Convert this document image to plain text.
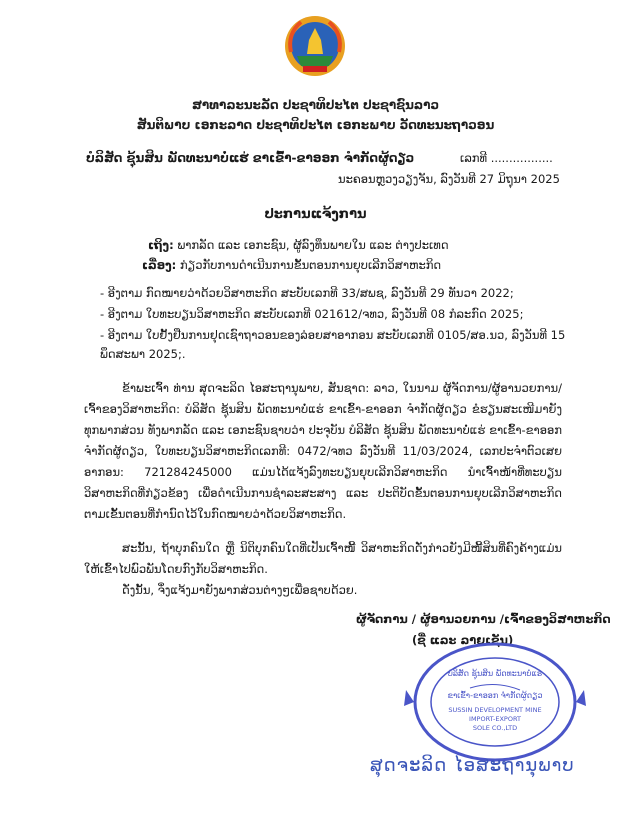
ສາທາລະນະລັດ ປະຊາທິປະໄຕ ປະຊາຊົນລາວ
ສັນຕິພາບ ເອກະລາດ ປະຊາທິປະໄຕ ເອກະພາບ ວັດທະນະຖາວອນ
ບໍລິສັດ ຊຸ້ນສິນ ພັດທະນາບໍ່ແຮ່ ຂາເຂົ້າ-ຂາອອກ ຈໍາກັດຜູ້ດຽວ	ເລກທີ .................
ນະຄອນຫຼວງວຽງຈັນ, ລົງວັນທີ 27 ມິຖຸນາ 2025
ປະການແຈ້ງການ
ເຖິງ: ພາກລັດ ແລະ ເອກະຊົນ, ຜູ້ລົງທຶນພາຍໃນ ແລະ ຕ່າງປະເທດ
ເລື່ອງ: ກ່ຽວກັບການດໍາເນີນການຂັ້ນຕອນການຍຸບເລີກວິສາຫະກິດ
- ອີງຕາມ ກົດໝາຍວ່າດ້ວຍວິສາຫະກິດ ສະບັບເລກທີ 33/ສພຊ, ລົງວັນທີ 29 ທັນວາ 2022;
- ອີງຕາມ ໃບທະບຽນວິສາຫະກິດ ສະບັບເລກທີ 021612/ຈທວ, ລົງວັນທີ 08 ກໍລະກົດ 2025;
- ອີງຕາມ ໃບຢັ້ງຢືນການຢຸດເຊົາຖາວອນຂອງລ່ອຍສາອາກອນ ສະບັບເລກທີ 0105/ສອ.ນວ, ລົງວັນທີ 15 ພຶດສະພາ 2025;.
ຂ້າພະເຈົ້າ ທ່ານ ສຸດຈະລິດ ໄອສະຖານຸພາບ, ສັນຊາດ: ລາວ, ໃນນາມ ຜູ້ຈັດການ/ຜູ້ອານວຍການ/ເຈົ້າຂອງວິສາຫະກິດ: ບໍລິສັດ ຊຸ້ນສິນ ພັດທະນາບໍ່ແຮ່ ຂາເຂົ້າ-ຂາອອກ ຈໍາກັດຜູ້ດຽວ ຂໍຮຽນສະເໜີມາຍັງທຸກພາກສ່ວນ ທັງພາກລັດ ແລະ ເອກະຊົນຊາບວ່າ ປະຈຸບັນ ບໍລິສັດ ຊຸ້ນສິນ ພັດທະນາບໍ່ແຮ່ ຂາເຂົ້າ-ຂາອອກ ຈໍາກັດຜູ້ດຽວ, ໃບທະບຽນວິສາຫະກິດເລກທີ: 0472/ຈທວ ລົງວັນທີ 11/03/2024, ເລກປະຈໍາຕົວເສຍອາກອນ: 721284245000 ແມ່ນໄດ້ແຈ້ງລົງທະບຽນຍຸບເລີກວິສາຫະກິດ ນໍາເຈົ້າໜ້າທີ່ທະບຽນວິສາຫະກິດທີ່ກ່ຽວຂ້ອງ ເພື່ອດໍາເນີນການຊໍາລະສະສາງ ແລະ ປະຕິບັດຂັ້ນຕອນການຍຸບເລີກວິສາຫະກິດຕາມເຂັ້ນຕອນທີ່ກໍານົດໄວ້ໃນກົດໝາຍວ່າດ້ວຍວິສາຫະກິດ.
ສະນັ້ນ, ຖ້າບຸກຄົນໃດ ຫຼື ນິຕິບຸກຄົນໃດທີ່ເປັນເຈົ້າໜີ້ ວິສາຫະກິດດັ່ງກ່າວຍັງມີໜີ້ສິນທີ່ຄົງຄ້າງແມ່ນໃຫ້ເຂົ້າໄປພົວພັນໂດຍກົງກັບວິສາຫະກິດ.
ດັ່ງນັ້ນ, ຈຶ່ງແຈ້ງມາຍັງພາກສ່ວນຕ່າງໆເພື່ອຊາບດ້ວຍ.
ຜູ້ຈັດການ / ຜູ້ອານວຍການ /ເຈົ້າຂອງວິສາຫະກິດ
(ຊື່ ແລະ ລາຍເຊັນ)
ບໍລິສັດ ຊຸ້ນສິນ ພັດທະນາບໍ່ແຮ່
ຂາເຂົ້າ-ຂາອອກ ຈໍາກັດຜູ້ດຽວ
SUSSIN DEVELOPMENT MINE
IMPORT-EXPORT
SOLE CO.,LTD
ສຸດຈະລິດ ໄອສະຖານຸພາບ
